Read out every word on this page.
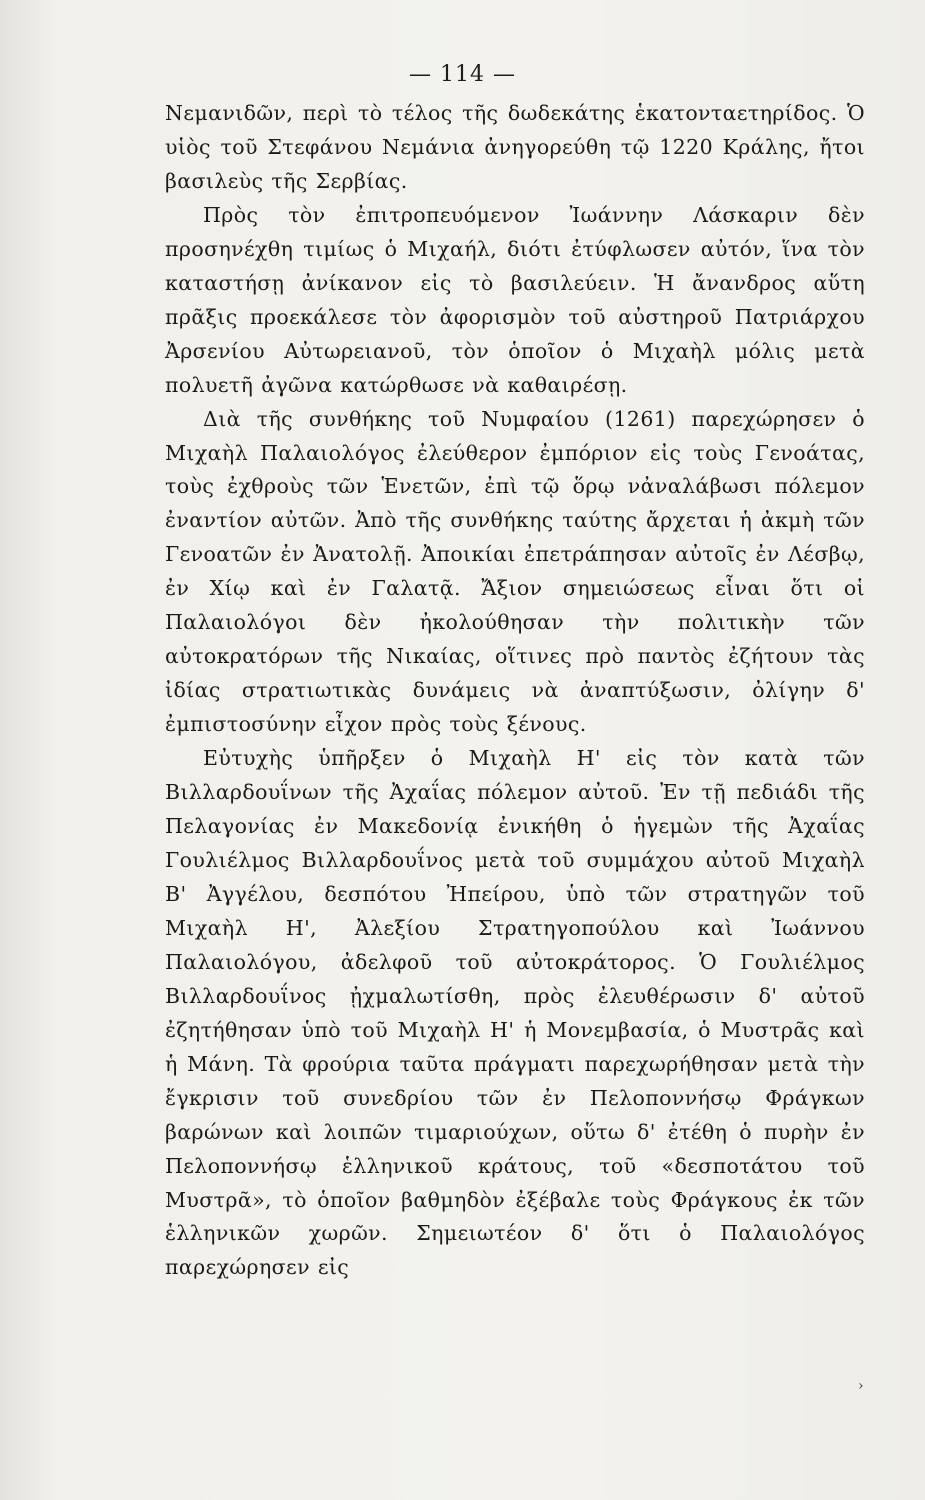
— 114 —

Νεμανιδῶν, περὶ τὸ τέλος τῆς δωδεκάτης ἑκατονταετηρίδος. Ὁ υἱὸς τοῦ Στεφάνου Νεμάνια ἀνηγορεύθη τῷ 1220 Κράλης, ἤτοι βασιλεὺς τῆς Σερβίας.

Πρὸς τὸν ἐπιτροπευόμενον Ἰωάννην Λάσκαριν δὲν προσηνέχθη τιμίως ὁ Μιχαήλ, διότι ἐτύφλωσεν αὐτόν, ἵνα τὸν καταστήσῃ ἀνίκανον εἰς τὸ βασιλεύειν. Ἡ ἄνανδρος αὕτη πρᾶξις προεκάλεσε τὸν ἀφορισμὸν τοῦ αὐστηροῦ Πατριάρχου Ἀρσενίου Αὐτωρειανοῦ, τὸν ὁποῖον ὁ Μιχαὴλ μόλις μετὰ πολυετῆ ἀγῶνα κατώρθωσε νὰ καθαιρέσῃ.

Διὰ τῆς συνθήκης τοῦ Νυμφαίου (1261) παρεχώρησεν ὁ Μιχαὴλ Παλαιολόγος ἐλεύθερον ἐμπόριον εἰς τοὺς Γενοάτας, τοὺς ἐχθροὺς τῶν Ἑνετῶν, ἐπὶ τῷ ὅρῳ νἀναλάβωσι πόλεμον ἐναντίον αὐτῶν. Ἀπὸ τῆς συνθήκης ταύτης ἄρχεται ἡ ἀκμὴ τῶν Γενοατῶν ἐν Ἀνατολῇ. Ἀποικίαι ἐπετράπησαν αὐτοῖς ἐν Λέσβῳ, ἐν Χίῳ καὶ ἐν Γαλατᾷ. Ἄξιον σημειώσεως εἶναι ὅτι οἱ Παλαιολόγοι δὲν ἠκολούθησαν τὴν πολιτικὴν τῶν αὐτοκρατόρων τῆς Νικαίας, οἵτινες πρὸ παντὸς ἐζήτουν τὰς ἰδίας στρατιωτικὰς δυνάμεις νὰ ἀναπτύξωσιν, ὀλίγην δ' ἐμπιστοσύνην εἶχον πρὸς τοὺς ξένους.

Εὐτυχὴς ὑπῆρξεν ὁ Μιχαὴλ Η' εἰς τὸν κατὰ τῶν Βιλλαρδουΐνων τῆς Ἀχαΐας πόλεμον αὐτοῦ. Ἐν τῇ πεδιάδι τῆς Πελαγονίας ἐν Μακεδονίᾳ ἐνικήθη ὁ ἡγεμὼν τῆς Ἀχαΐας Γουλιέλμος Βιλλαρδουΐνος μετὰ τοῦ συμμάχου αὐτοῦ Μιχαὴλ Β' Ἀγγέλου, δεσπότου Ἠπείρου, ὑπὸ τῶν στρατηγῶν τοῦ Μιχαὴλ Η', Ἀλεξίου Στρατηγοπούλου καὶ Ἰωάννου Παλαιολόγου, ἀδελφοῦ τοῦ αὐτοκράτορος. Ὁ Γουλιέλμος Βιλλαρδουΐνος ᾐχμαλωτίσθη, πρὸς ἐλευθέρωσιν δ' αὐτοῦ ἐζητήθησαν ὑπὸ τοῦ Μιχαὴλ Η' ἡ Μονεμβασία, ὁ Μυστρᾶς καὶ ἡ Μάνη. Τὰ φρούρια ταῦτα πράγματι παρεχωρήθησαν μετὰ τὴν ἔγκρισιν τοῦ συνεδρίου τῶν ἐν Πελοποννήσῳ Φράγκων βαρώνων καὶ λοιπῶν τιμαριούχων, οὕτω δ' ἐτέθη ὁ πυρὴν ἐν Πελοποννήσῳ ἑλληνικοῦ κράτους, τοῦ «δεσποτάτου τοῦ Μυστρᾶ», τὸ ὁποῖον βαθμηδὸν ἐξέβαλε τοὺς Φράγκους ἐκ τῶν ἑλληνικῶν χωρῶν. Σημειωτέον δ' ὅτι ὁ Παλαιολόγος παρεχώρησεν εἰς

›
